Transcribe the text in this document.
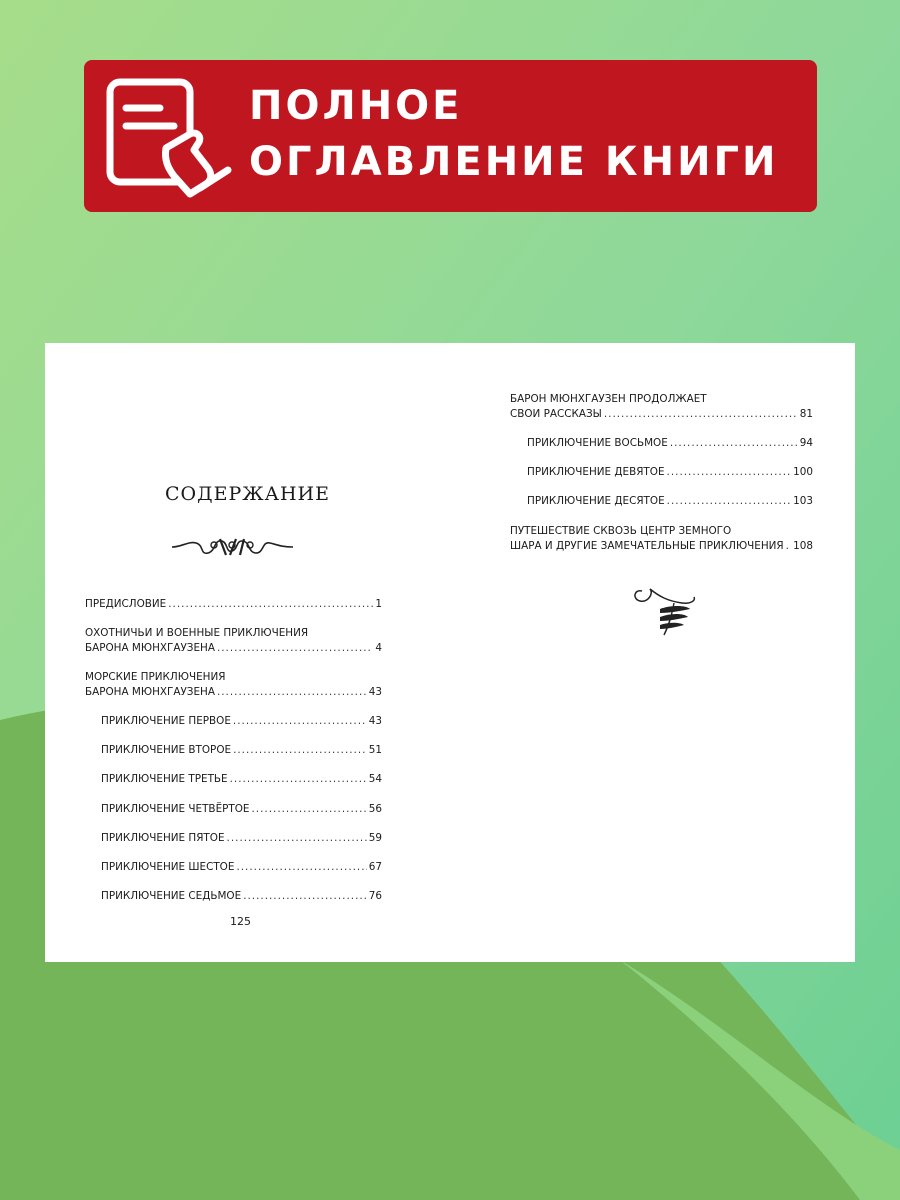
ПОЛНОЕ
ОГЛАВЛЕНИЕ КНИГИ
СОДЕРЖАНИЕ
ПРЕДИСЛОВИЕ .....	1
ОХОТНИЧЬИ И ВОЕННЫЕ ПРИКЛЮЧЕНИЯ
БАРОНА МЮНХГАУЗЕНА .....	4
МОРСКИЕ ПРИКЛЮЧЕНИЯ
БАРОНА МЮНХГАУЗЕНА .....	43
ПРИКЛЮЧЕНИЕ ПЕРВОЕ .....	43
ПРИКЛЮЧЕНИЕ ВТОРОЕ .....	51
ПРИКЛЮЧЕНИЕ ТРЕТЬЕ .....	54
ПРИКЛЮЧЕНИЕ ЧЕТВЁРТОЕ .....	56
ПРИКЛЮЧЕНИЕ ПЯТОЕ .....	59
ПРИКЛЮЧЕНИЕ ШЕСТОЕ .....	67
ПРИКЛЮЧЕНИЕ СЕДЬМОЕ .....	76
125
БАРОН МЮНХГАУЗЕН ПРОДОЛЖАЕТ
СВОИ РАССКАЗЫ .....	81
ПРИКЛЮЧЕНИЕ ВОСЬМОЕ .....	94
ПРИКЛЮЧЕНИЕ ДЕВЯТОЕ .....	100
ПРИКЛЮЧЕНИЕ ДЕСЯТОЕ .....	103
ПУТЕШЕСТВИЕ СКВОЗЬ ЦЕНТР ЗЕМНОГО
ШАРА И ДРУГИЕ ЗАМЕЧАТЕЛЬНЫЕ ПРИКЛЮЧЕНИЯ ..... 108
